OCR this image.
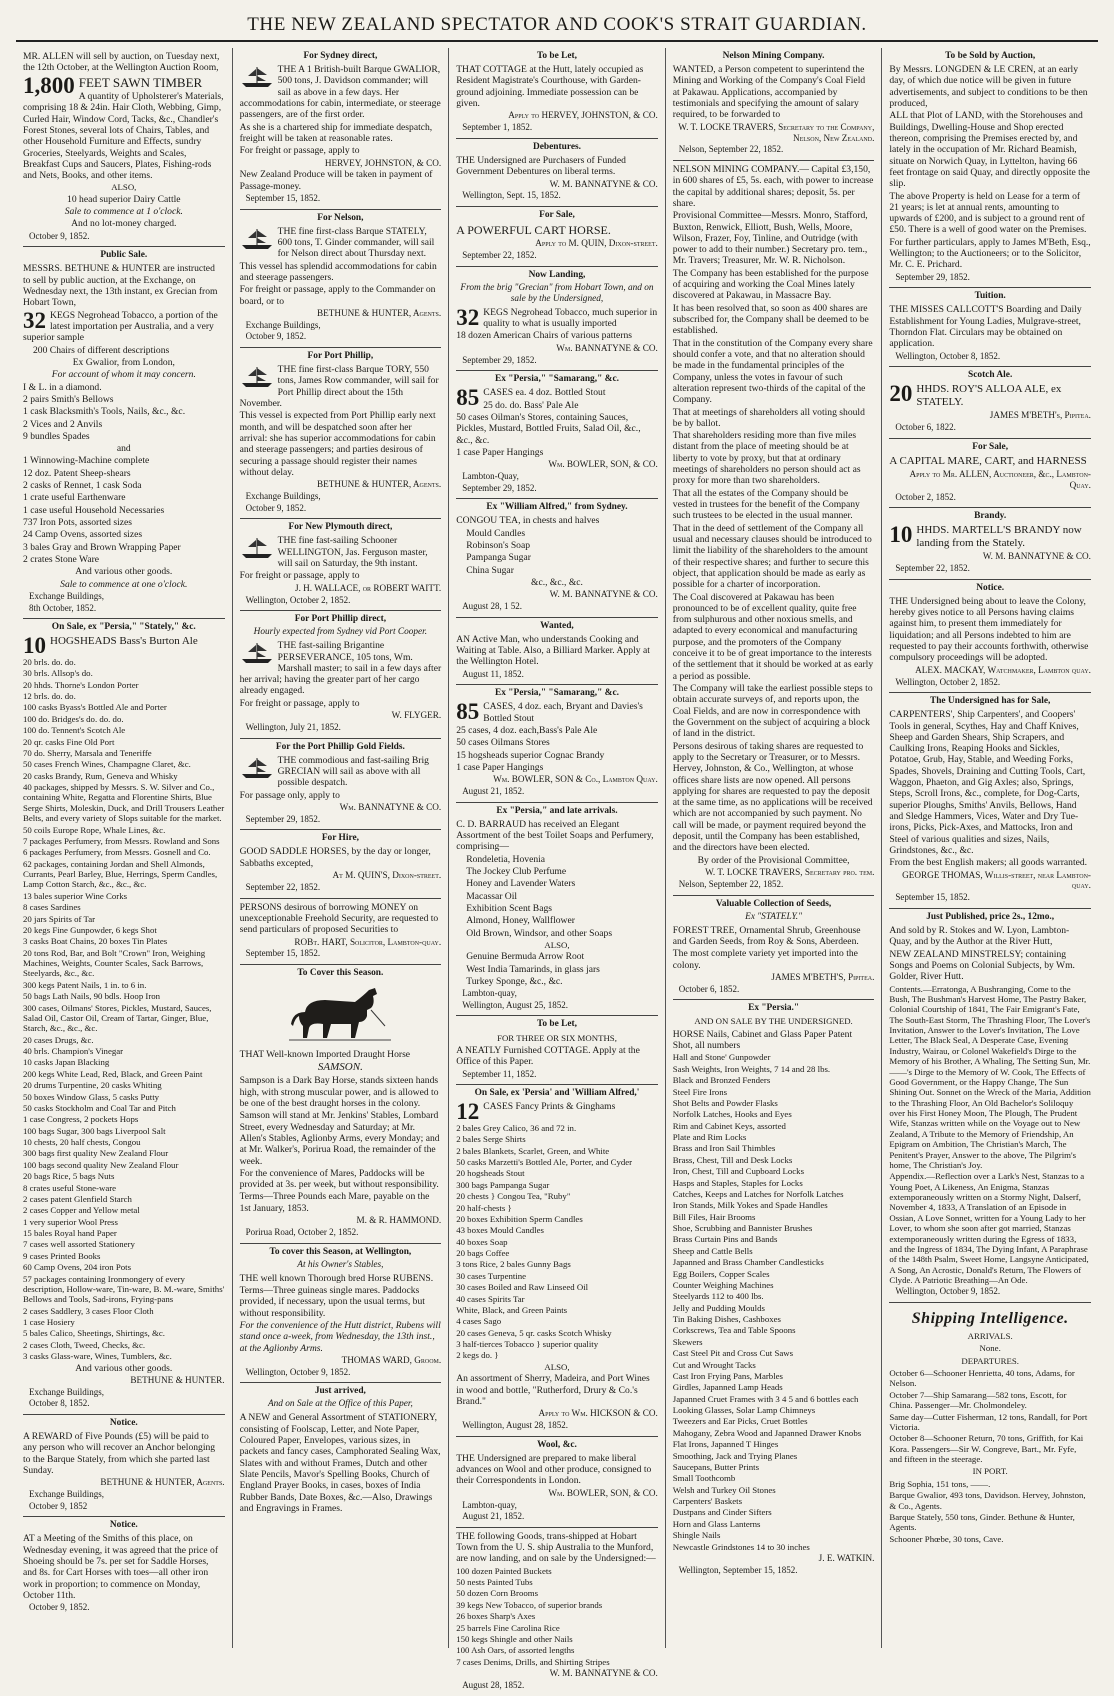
THE NEW ZEALAND SPECTATOR AND COOK'S STRAIT GUARDIAN.

MR. ALLEN will sell by auction, on Tuesday next, the 12th October, at the Wellington Auction Room,

1,800 FEET SAWN TIMBER

A quantity of Upholsterer's Materials, comprising 18 & 24in. Hair Cloth, Webbing, Gimp, Curled Hair, Window Cord, Tacks, &c., Chandler's Forest Stones, several lots of Chairs, Tables, and other Household Furniture and Effects, sundry Groceries, Steelyards, Weights and Scales, Breakfast Cups and Saucers, Plates, Fishing-rods and Nets, Books, and other items.

ALSO,

10 head superior Dairy Cattle

Sale to commence at 1 o'clock.

And no lot-money charged.

October 9, 1852.

Public Sale.

MESSRS. BETHUNE & HUNTER are instructed to sell by public auction, at the Exchange, on Wednesday next, the 13th instant, ex Grecian from Hobart Town,

32 KEGS Negrohead Tobacco, a portion of the latest importation per Australia, and a very superior sample

200 Chairs of different descriptions

Ex Gwalior, from London,

For account of whom it may concern.

I & L. in a diamond.

2 pairs Smith's Bellows

1 cask Blacksmith's Tools, Nails, &c., &c.

2 Vices and 2 Anvils

9 bundles Spades

and

1 Winnowing-Machine complete

12 doz. Patent Sheep-shears

2 casks of Rennet, 1 cask Soda

1 crate useful Earthenware

1 case useful Household Necessaries

737 Iron Pots, assorted sizes

24 Camp Ovens, assorted sizes

3 bales Gray and Brown Wrapping Paper

2 crates Stone Ware

And various other goods.

Sale to commence at one o'clock.

Exchange Buildings,

8th October, 1852.

On Sale, ex "Persia," "Stately," &c.

10 HOGSHEADS Bass's Burton Ale

20 brls. do. do.

30 brls. Allsop's do.

20 hhds. Thorne's London Porter

12 brls. do. do.

100 casks Byass's Bottled Ale and Porter

100 do. Bridges's do. do. do.

100 do. Tennent's Scotch Ale

20 qr. casks Fine Old Port

70 do. Sherry, Marsala and Teneriffe

50 cases French Wines, Champagne Claret, &c.

20 casks Brandy, Rum, Geneva and Whisky

40 packages, shipped by Messrs. S. W. Silver and Co., containing White, Regatta and Florentine Shirts, Blue Serge Shirts, Moleskin, Duck, and Drill Trousers Leather Belts, and every variety of Slops suitable for the market.

50 coils Europe Rope, Whale Lines, &c.

7 packages Perfumery, from Messrs. Rowland and Sons

6 packages Perfumery, from Messrs. Gosnell and Co.

62 packages, containing Jordan and Shell Almonds, Currants, Pearl Barley, Blue, Herrings, Sperm Candles, Lamp Cotton Starch, &c., &c., &c.

13 bales superior Wine Corks

8 cases Sardines

20 jars Spirits of Tar

20 kegs Fine Gunpowder, 6 kegs Shot

3 casks Boat Chains, 20 boxes Tin Plates

20 tons Rod, Bar, and Bolt "Crown" Iron, Weighing Machines, Weights, Counter Scales, Sack Barrows, Steelyards, &c., &c.

300 kegs Patent Nails, 1 in. to 6 in.

50 bags Lath Nails, 90 bdls. Hoop Iron

300 cases, Oilmans' Stores, Pickles, Mustard, Sauces, Salad Oil, Castor Oil, Cream of Tartar, Ginger, Blue, Starch, &c., &c., &c.

20 cases Drugs, &c.

40 brls. Champion's Vinegar

10 casks Japan Blacking

200 kegs White Lead, Red, Black, and Green Paint

20 drums Turpentine, 20 casks Whiting

50 boxes Window Glass, 5 casks Putty

50 casks Stockholm and Coal Tar and Pitch

1 case Congress, 2 pockets Hops

100 bags Sugar, 300 bags Liverpool Salt

10 chests, 20 half chests, Congou

300 bags first quality New Zealand Flour

100 bags second quality New Zealand Flour

20 bags Rice, 5 bags Nuts

8 crates useful Stone-ware

2 cases patent Glenfield Starch

2 cases Copper and Yellow metal

1 very superior Wool Press

15 bales Royal hand Paper

7 cases well assorted Stationery

9 cases Printed Books

60 Camp Ovens, 204 iron Pots

57 packages containing Ironmongery of every description, Hollow-ware, Tin-ware, B. M.-ware, Smiths' Bellows and Tools, Sad-irons, Frying-pans

2 cases Saddlery, 3 cases Floor Cloth

1 case Hosiery

5 bales Calico, Sheetings, Shirtings, &c.

2 cases Cloth, Tweed, Checks, &c.

3 casks Glass-ware, Wines, Tumblers, &c.

And various other goods.

BETHUNE & HUNTER.

Exchange Buildings,

October 8, 1852.

Notice.

A REWARD of Five Pounds (£5) will be paid to any person who will recover an Anchor belonging to the Barque Stately, from which she parted last Sunday.

BETHUNE & HUNTER, Agents.

Exchange Buildings,

October 9, 1852

Notice.

AT a Meeting of the Smiths of this place, on Wednesday evening, it was agreed that the price of Shoeing should be 7s. per set for Saddle Horses, and 8s. for Cart Horses with toes—all other iron work in proportion; to commence on Monday, October 11th.

October 9, 1852.

For Sydney direct,

THE A 1 British-built Barque GWALIOR, 500 tons, J. Davidson commander; will sail as above in a few days. Her accommodations for cabin, intermediate, or steerage passengers, are of the first order.

As she is a chartered ship for immediate despatch, freight will be taken at reasonable rates.

For freight or passage, apply to

HERVEY, JOHNSTON, & CO.

New Zealand Produce will be taken in payment of Passage-money.

September 15, 1852.

For Nelson,

THE fine first-class Barque STATELY, 600 tons, T. Ginder commander, will sail for Nelson direct about Thursday next.

This vessel has splendid accommodations for cabin and steerage passengers.

For freight or passage, apply to the Commander on board, or to

BETHUNE & HUNTER, Agents.

Exchange Buildings,

October 9, 1852.

For Port Phillip,

THE fine first-class Barque TORY, 550 tons, James Row commander, will sail for Port Phillip direct about the 15th November.

This vessel is expected from Port Phillip early next month, and will be despatched soon after her arrival: she has superior accommodations for cabin and steerage passengers; and parties desirous of securing a passage should register their names without delay.

BETHUNE & HUNTER, Agents.

Exchange Buildings,

October 9, 1852.

For New Plymouth direct,

THE fine fast-sailing Schooner WELLINGTON, Jas. Ferguson master, will sail on Saturday, the 9th instant.

For freight or passage, apply to

J. H. WALLACE, or ROBERT WAITT.

Wellington, October 2, 1852.

For Port Phillip direct,
Hourly expected from Sydney vid Port Cooper.

THE fast-sailing Brigantine PERSEVERANCE, 105 tons, Wm. Marshall master; to sail in a few days after her arrival; having the greater part of her cargo already engaged.

For freight or passage, apply to

W. FLYGER.

Wellington, July 21, 1852.

For the Port Phillip Gold Fields.

THE commodious and fast-sailing Brig GRECIAN will sail as above with all possible despatch.

For passage only, apply to

Wm. BANNATYNE & CO.

September 29, 1852.

For Hire,

GOOD SADDLE HORSES, by the day or longer, Sabbaths excepted,

At M. QUIN'S, Dixon-street.

September 22, 1852.

PERSONS desirous of borrowing MONEY on unexceptionable Freehold Security, are requested to send particulars of proposed Securities to

ROBt. HART, Solicitor, Lambton-quay.

September 15, 1852.

To Cover this Season.

THAT Well-known Imported Draught Horse

SAMSON.

Sampson is a Dark Bay Horse, stands sixteen hands high, with strong muscular power, and is allowed to be one of the best draught horses in the colony.

Samson will stand at Mr. Jenkins' Stables, Lombard Street, every Wednesday and Saturday; at Mr. Allen's Stables, Aglionby Arms, every Monday; and at Mr. Walker's, Porirua Road, the remainder of the week.

For the convenience of Mares, Paddocks will be provided at 3s. per week, but without responsibility.

Terms—Three Pounds each Mare, payable on the 1st January, 1853.

M. & R. HAMMOND.

Porirua Road, October 2, 1852.

To cover this Season, at Wellington,
At his Owner's Stables,

THE well known Thorough bred Horse RUBENS.

Terms—Three guineas single mares. Paddocks provided, if necessary, upon the usual terms, but without responsibility.

For the convenience of the Hutt district, Rubens will stand once a-week, from Wednesday, the 13th inst., at the Aglionby Arms.

THOMAS WARD, Groom.

Wellington, October 9, 1852.

Just arrived,
And on Sale at the Office of this Paper,

A NEW and General Assortment of STATIONERY, consisting of Foolscap, Letter, and Note Paper, Coloured Paper, Envelopes, various sizes, in packets and fancy cases, Camphorated Sealing Wax, Slates with and without Frames, Dutch and other Slate Pencils, Mavor's Spelling Books, Church of England Prayer Books, in cases, boxes of India Rubber Bands, Date Boxes, &c.—Also, Drawings and Engravings in Frames.

To be Let,

THAT COTTAGE at the Hutt, lately occupied as Resident Magistrate's Courthouse, with Garden-ground adjoining. Immediate possession can be given.

Apply to HERVEY, JOHNSTON, & CO.

September 1, 1852.

Debentures.

THE Undersigned are Purchasers of Funded Government Debentures on liberal terms.

W. M. BANNATYNE & CO.

Wellington, Sept. 15, 1852.

For Sale,

A POWERFUL CART HORSE.

Apply to M. QUIN, Dixon-street.

September 22, 1852.

Now Landing,
From the brig "Grecian" from Hobart Town, and on sale by the Undersigned,

32 KEGS Negrohead Tobacco, much superior in quality to what is usually imported

18 dozen American Chairs of various patterns

Wm. BANNATYNE & CO.

September 29, 1852.

Ex "Persia," "Samarang," &c.

85 CASES ea. 4 doz. Bottled Stout

25 do. do. Bass' Pale Ale

50 cases Oilman's Stores, containing Sauces, Pickles, Mustard, Bottled Fruits, Salad Oil, &c., &c., &c.

1 case Paper Hangings

Wm. BOWLER, SON, & CO.

Lambton-Quay,

September 29, 1852.

Ex "William Alfred," from Sydney.

CONGOU TEA, in chests and halves

Mould Candles

Robinson's Soap

Pampanga Sugar

China Sugar

&c., &c., &c.

W. M. BANNATYNE & CO.

August 28, 1 52.

Wanted,

AN Active Man, who understands Cooking and Waiting at Table. Also, a Billiard Marker. Apply at the Wellington Hotel.

August 11, 1852.

Ex "Persia," "Samarang," &c.

85 CASES, 4 doz. each, Bryant and Davies's Bottled Stout

25 cases, 4 doz. each,Bass's Pale Ale

50 cases Oilmans Stores

15 hogsheads superior Cognac Brandy

1 case Paper Hangings

Wm. BOWLER, SON & Co., Lambton Quay.

August 21, 1852.

Ex "Persia," and late arrivals.

C. D. BARRAUD has received an Elegant Assortment of the best Toilet Soaps and Perfumery, comprising—

Rondeletia, Hovenia

The Jockey Club Perfume

Honey and Lavender Waters

Macassar Oil

Exhibition Scent Bags

Almond, Honey, Wallflower

Old Brown, Windsor, and other Soaps

ALSO,

Genuine Bermuda Arrow Root

West India Tamarinds, in glass jars

Turkey Sponge, &c., &c.

Lambton-quay,

Wellington, August 25, 1852.

To be Let,
FOR THREE OR SIX MONTHS,

A NEATLY Furnished COTTAGE. Apply at the Office of this Paper.

September 11, 1852.

On Sale, ex 'Persia' and 'William Alfred,'

12 CASES Fancy Prints & Ginghams

2 bales Grey Calico, 36 and 72 in.

2 bales Serge Shirts

2 bales Blankets, Scarlet, Green, and White

50 casks Marzetti's Bottled Ale, Porter, and Cyder

20 hogsheads Stout

300 bags Pampanga Sugar

20 chests } Congou Tea, "Ruby"

20 half-chests }

20 boxes Exhibition Sperm Candles

43 boxes Mould Candles

40 boxes Soap

20 bags Coffee

3 tons Rice, 2 bales Gunny Bags

30 cases Turpentine

30 cases Boiled and Raw Linseed Oil

40 cases Spirits Tar

White, Black, and Green Paints

4 cases Sago

20 cases Geneva, 5 qr. casks Scotch Whisky

3 half-tierces Tobacco } superior quality

2 kegs do. }

ALSO,

An assortment of Sherry, Madeira, and Port Wines in wood and bottle, "Rutherford, Drury & Co.'s Brand."

Apply to Wm. HICKSON & CO.

Wellington, August 28, 1852.

Wool, &c.

THE Undersigned are prepared to make liberal advances on Wool and other produce, consigned to their Correspondents in London.

Wm. BOWLER, SON, & CO.

Lambton-quay,

August 21, 1852.

THE following Goods, trans-shipped at Hobart Town from the U. S. ship Australia to the Munford, are now landing, and on sale by the Undersigned:—

100 dozen Painted Buckets

50 nests Painted Tubs

50 dozen Corn Brooms

39 kegs New Tobacco, of superior brands

26 boxes Sharp's Axes

25 barrels Fine Carolina Rice

150 kegs Shingle and other Nails

100 Ash Oars, of assorted lengths

7 cases Denims, Drills, and Shirting Stripes

W. M. BANNATYNE & CO.

August 28, 1852.

Nelson Mining Company.

WANTED, a Person competent to superintend the Mining and Working of the Company's Coal Field at Pakawau. Applications, accompanied by testimonials and specifying the amount of salary required, to be forwarded to

W. T. LOCKE TRAVERS, Secretary to the Company, Nelson, New Zealand.

Nelson, September 22, 1852.

NELSON MINING COMPANY.— Capital £3,150, in 600 shares of £5, 5s. each, with power to increase the capital by additional shares; deposit, 5s. per share.

Provisional Committee—Messrs. Monro, Stafford, Buxton, Renwick, Elliott, Bush, Wells, Moore, Wilson, Frazer, Foy, Tinline, and Outridge (with power to add to their number.) Secretary pro. tem., Mr. Travers; Treasurer, Mr. W. R. Nicholson.

The Company has been established for the purpose of acquiring and working the Coal Mines lately discovered at Pakawau, in Massacre Bay.

It has been resolved that, so soon as 400 shares are subscribed for, the Company shall be deemed to be established.

That in the constitution of the Company every share should confer a vote, and that no alteration should be made in the fundamental principles of the Company, unless the votes in favour of such alteration represent two-thirds of the capital of the Company.

That at meetings of shareholders all voting should be by ballot.

That shareholders residing more than five miles distant from the place of meeting should be at liberty to vote by proxy, but that at ordinary meetings of shareholders no person should act as proxy for more than two shareholders.

That all the estates of the Company should be vested in trustees for the benefit of the Company such trustees to be elected in the usual manner.

That in the deed of settlement of the Company all usual and necessary clauses should be introduced to limit the liability of the shareholders to the amount of their respective shares; and further to secure this object, that application should be made as early as possible for a charter of incorporation.

The Coal discovered at Pakawau has been pronounced to be of excellent quality, quite free from sulphurous and other noxious smells, and adapted to every economical and manufacturing purpose, and the promoters of the Company conceive it to be of great importance to the interests of the settlement that it should be worked at as early a period as possible.

The Company will take the earliest possible steps to obtain accurate surveys of, and reports upon, the Coal Fields, and are now in correspondence with the Government on the subject of acquiring a block of land in the district.

Persons desirous of taking shares are requested to apply to the Secretary or Treasurer, or to Messrs. Hervey, Johnston, & Co., Wellington, at whose offices share lists are now opened. All persons applying for shares are requested to pay the deposit at the same time, as no applications will be received which are not accompanied by such payment. No call will be made, or payment required beyond the deposit, until the Company has been established, and the directors have been elected.

By order of the Provisional Committee,

W. T. LOCKE TRAVERS, Secretary pro. tem.

Nelson, September 22, 1852.

Valuable Collection of Seeds,
Ex "STATELY."

FOREST TREE, Ornamental Shrub, Greenhouse and Garden Seeds, from Roy & Sons, Aberdeen.

The most complete variety yet imported into the colony.

JAMES M'BETH'S, Pipitea.

October 6, 1852.

Ex "Persia."
AND ON SALE BY THE UNDERSIGNED.

HORSE Nails, Cabinet and Glass Paper Patent Shot, all numbers

Hall and Stone' Gunpowder

Sash Weights, Iron Weights, 7 14 and 28 lbs.

Black and Bronzed Fenders

Steel Fire Irons

Shot Belts and Powder Flasks

Norfolk Latches, Hooks and Eyes

Rim and Cabinet Keys, assorted

Plate and Rim Locks

Brass and Iron Sail Thimbles

Brass, Chest, Till and Desk Locks

Iron, Chest, Till and Cupboard Locks

Hasps and Staples, Staples for Locks

Catches, Keeps and Latches for Norfolk Latches

Iron Stands, Milk Yokes and Spade Handles

Bill Files, Hair Brooms

Shoe, Scrubbing and Bannister Brushes

Brass Curtain Pins and Bands

Sheep and Cattle Bells

Japanned and Brass Chamber Candlesticks

Egg Boilers, Copper Scales

Counter Weighing Machines

Steelyards 112 to 400 lbs.

Jelly and Pudding Moulds

Tin Baking Dishes, Cashboxes

Corkscrews, Tea and Table Spoons

Skewers

Cast Steel Pit and Cross Cut Saws

Cut and Wrought Tacks

Cast Iron Frying Pans, Marbles

Girdles, Japanned Lamp Heads

Japanned Cruet Frames with 3 4 5 and 6 bottles each

Looking Glasses, Solar Lamp Chimneys

Tweezers and Ear Picks, Cruet Bottles

Mahogany, Zebra Wood and Japanned Drawer Knobs

Flat Irons, Japanned T Hinges

Smoothing, Jack and Trying Planes

Saucepans, Butter Prints

Small Toothcomb

Welsh and Turkey Oil Stones

Carpenters' Baskets

Dustpans and Cinder Sifters

Horn and Glass Lanterns

Shingle Nails

Newcastle Grindstones 14 to 30 inches

J. E. WATKIN.

Wellington, September 15, 1852.

To be Sold by Auction,

By Messrs. LONGDEN & LE CREN, at an early day, of which due notice will be given in future advertisements, and subject to conditions to be then produced,

ALL that Plot of LAND, with the Storehouses and Buildings, Dwelling-House and Shop erected thereon, comprising the Premises erected by, and lately in the occupation of Mr. Richard Beamish, situate on Norwich Quay, in Lyttelton, having 66 feet frontage on said Quay, and directly opposite the slip.

The above Property is held on Lease for a term of 21 years; is let at annual rents, amounting to upwards of £200, and is subject to a ground rent of £50. There is a well of good water on the Premises.

For further particulars, apply to James M'Beth, Esq., Wellington; to the Auctioneers; or to the Solicitor, Mr. C. E. Prichard.

September 29, 1852.

Tuition.

THE MISSES CALLCOTT'S Boarding and Daily Establishment for Young Ladies, Mulgrave-street, Thorndon Flat. Circulars may be obtained on application.

Wellington, October 8, 1852.

Scotch Ale.

20 HHDS. ROY'S ALLOA ALE, ex STATELY.

JAMES M'BETH's, Pipitea.

October 6, 1822.

For Sale,

A CAPITAL MARE, CART, and HARNESS

Apply to Mr. ALLEN, Auctioneer, &c., Lambton-Quay.

October 2, 1852.

Brandy.

10 HHDS. MARTELL'S BRANDY now landing from the Stately.

W. M. BANNATYNE & CO.

September 22, 1852.

Notice.

THE Undersigned being about to leave the Colony, hereby gives notice to all Persons having claims against him, to present them immediately for liquidation; and all Persons indebted to him are requested to pay their accounts forthwith, otherwise compulsory proceedings will be adopted.

ALEX. MACKAY, Watchmaker, Lambton quay.

Wellington, October 2, 1852.

The Undersigned has for Sale,

CARPENTERS', Ship Carpenters', and Coopers' Tools in general, Scythes, Hay and Chaff Knives, Sheep and Garden Shears, Ship Scrapers, and Caulking Irons, Reaping Hooks and Sickles, Potatoe, Grub, Hay, Stable, and Weeding Forks, Spades, Shovels, Draining and Cutting Tools, Cart, Waggon, Phaeton, and Gig Axles; also, Springs, Steps, Scroll Irons, &c., complete, for Dog-Carts, superior Ploughs, Smiths' Anvils, Bellows, Hand and Sledge Hammers, Vices, Water and Dry Tue-irons, Picks, Pick-Axes, and Mattocks, Iron and Steel of various qualities and sizes, Nails, Grindstones, &c., &c.

From the best English makers; all goods warranted.

GEORGE THOMAS, Willis-street, near Lambton-quay.

September 15, 1852.

Just Published, price 2s., 12mo.,

And sold by R. Stokes and W. Lyon, Lambton-Quay, and by the Author at the River Hutt,

NEW ZEALAND MINSTRELSY; containing Songs and Poems on Colonial Subjects, by Wm. Golder, River Hutt.

Contents.—Erratonga, A Bushranging, Come to the Bush, The Bushman's Harvest Home, The Pastry Baker, Colonial Courtship of 1841, The Fair Emigrant's Fate, The South-East Storm, The Thrashing Floor, The Lover's Invitation, Answer to the Lover's Invitation, The Love Letter, The Black Seal, A Desperate Case, Evening Industry, Wairau, or Colonel Wakefield's Dirge to the Memory of his Brother, A Whaling, The Setting Sun, Mr. ——'s Dirge to the Memory of W. Cook, The Effects of Good Government, or the Happy Change, The Sun Shining Out. Sonnet on the Wreck of the Maria, Addition to the Thrashing Floor, An Old Bachelor's Soliloquy over his First Honey Moon, The Plough, The Prudent Wife, Stanzas written while on the Voyage out to New Zealand, A Tribute to the Memory of Friendship, An Epigram on Ambition, The Christian's March, The Penitent's Prayer, Answer to the above, The Pilgrim's home, The Christian's Joy.

Appendix.—Reflection over a Lark's Nest, Stanzas to a Young Poet, A Likeness, An Enigma, Stanzas extemporaneously written on a Stormy Night, Dalserf, November 4, 1833, A Translation of an Episode in Ossian, A Love Sonnet, written for a Young Lady to her Lover, to whom she soon after got married, Stanzas extemporaneously written during the Egress of 1833, and the Ingress of 1834, The Dying Infant, A Paraphrase of the 148th Psalm, Sweet Home, Langsyne Anticipated, A Song, An Acrostic, Donald's Return, The Flowers of Clyde. A Patriotic Breathing—An Ode.

Wellington, October 9, 1852.

Shipping Intelligence.
ARRIVALS.

None.

DEPARTURES.

October 6—Schooner Henrietta, 40 tons, Adams, for Nelson.

October 7—Ship Samarang—582 tons, Escott, for China. Passenger—Mr. Cholmondeley.

Same day—Cutter Fisherman, 12 tons, Randall, for Port Victoria.

October 8—Schooner Return, 70 tons, Griffith, for Kai Kora. Passengers—Sir W. Congreve, Bart., Mr. Fyfe, and fifteen in the steerage.

IN PORT.

Brig Sophia, 151 tons, ——.

Barque Gwalior, 493 tons, Davidson. Hervey, Johnston, & Co., Agents.

Barque Stately, 550 tons, Ginder. Bethune & Hunter, Agents.

Schooner Phœbe, 30 tons, Cave.
